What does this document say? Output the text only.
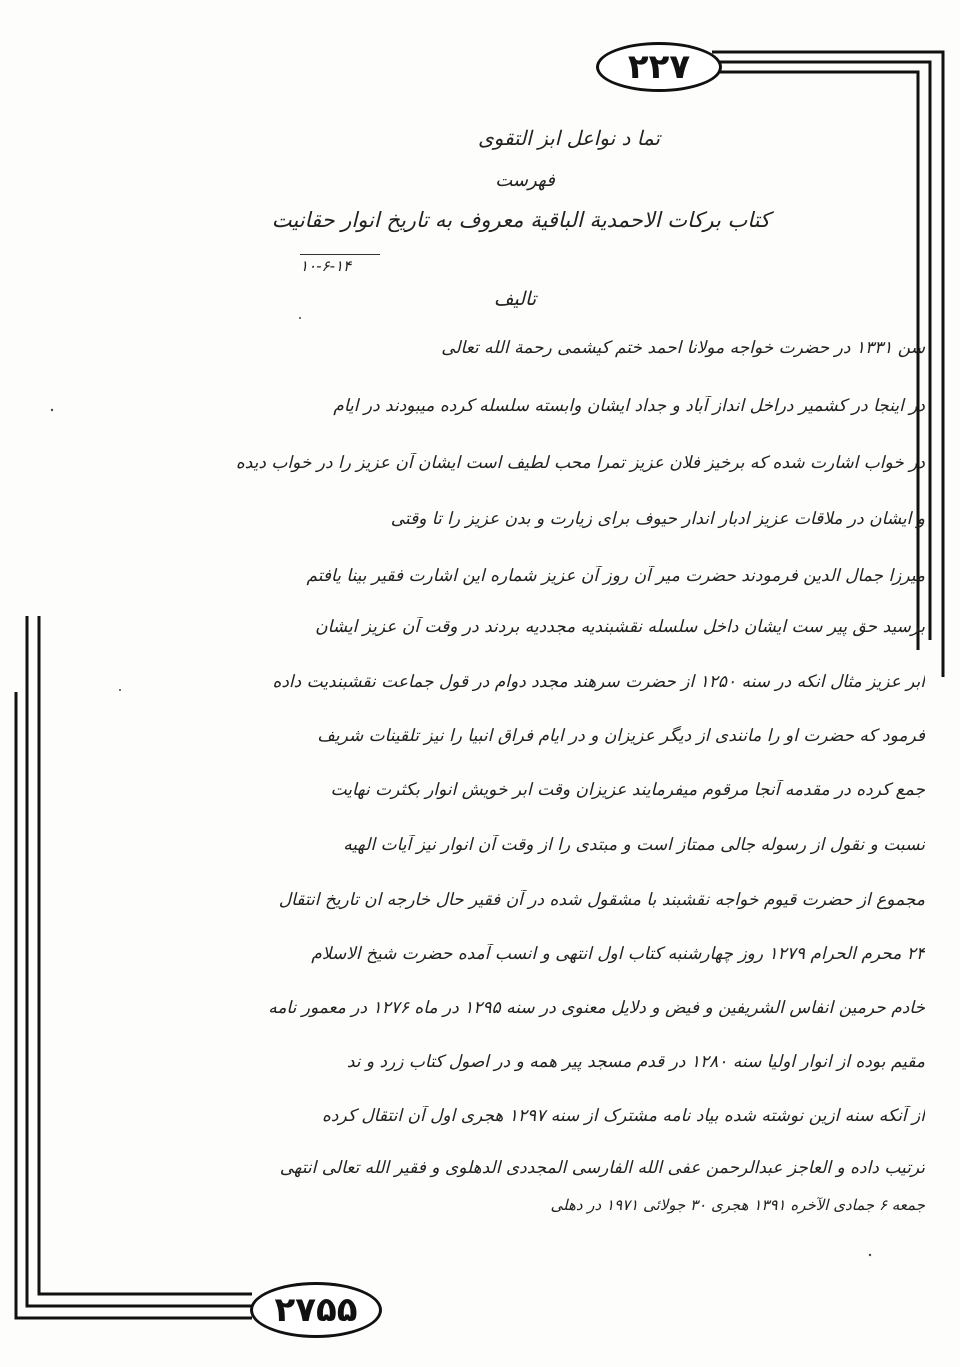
۲۲۷
۲۷۵۵
تما د نواعل ابز التقوی
فهرست
کتاب برکات الاحمدیة الباقیة معروف به تاریخ انوار حقانیت
۱۰-۶-۱۴
تالیف
سن ۱۳۳۱ در حضرت خواجه مولانا احمد ختم کیشمی رحمة الله تعالی
در اینجا در کشمیر دراخل انداز آباد و جداد ایشان وابسته سلسله کرده میبودند در ایام
در خواب اشارت شده که برخیز فلان عزیز تمرا محب لطیف است ایشان آن عزیز را در خواب دیده
و ایشان در ملاقات عزیز ادبار اندار حیوف برای زیارت و بدن عزیز را تا وقتی
میرزا جمال الدین فرمودند حضرت میر آن روز آن عزیز شماره این اشارت فقیر بینا یافتم
برسید حق پیر ست ایشان داخل سلسله نقشبندیه مجددیه بردند در وقت آن عزیز ایشان
ابر عزیز مثال انکه در سنه ۱۲۵۰ از حضرت سرهند مجدد دوام در قول جماعت نقشبندیت داده
فرمود که حضرت او را مانندی از دیگر عزیزان و در ایام فراق انبیا را نیز تلقینات شریف
جمع کرده در مقدمه آنجا مرقوم میفرمایند عزیزان وقت ابر خویش انوار بکثرت نهایت
نسبت و نقول از رسوله جالی ممتاز است و مبتدی را از وقت آن انوار نیز آیات الهیه
مجموع از حضرت قیوم خواجه نقشبند با مشقول شده در آن فقیر حال خارجه ان تاریخ انتقال
۲۴ محرم الحرام ۱۲۷۹ روز چهارشنبه کتاب اول انتهی و انسب آمده حضرت شیخ الاسلام
خادم حرمین انفاس الشریفین و فیض و دلایل معنوی در سنه ۱۲۹۵ در ماه ۱۲۷۶ در معمور نامه
مقیم بوده از انوار اولیا سنه ۱۲۸۰ در قدم مسجد پیر همه و در اصول کتاب زرد و ند
از آنکه سنه ازین نوشته شده بیاد نامه مشترک از سنه ۱۲۹۷ هجری اول آن انتقال کرده
ترتیب داده و العاجز عبدالرحمن عفی الله الفارسی المجددی الدهلوی و فقیر الله تعالی انتهی
جمعه ۶ جمادی الآخره ۱۳۹۱ هجری ۳۰ جولائی ۱۹۷۱ در دهلی
